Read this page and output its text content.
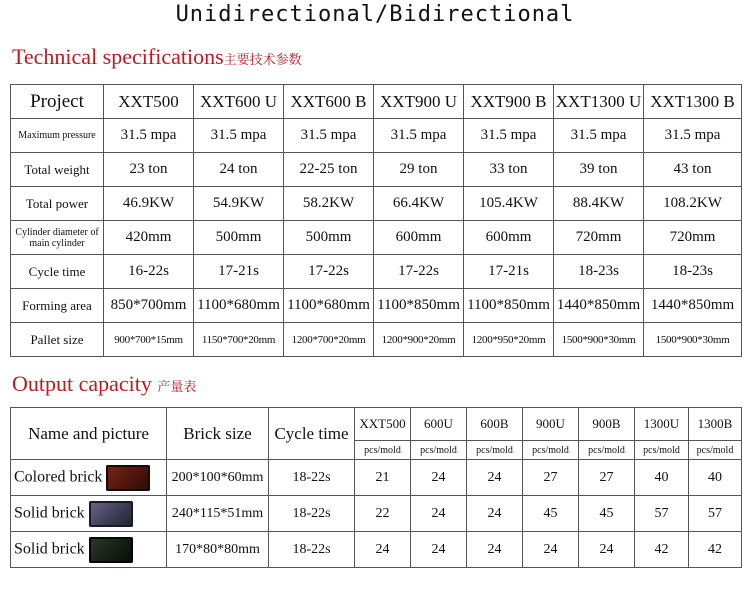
Unidirectional/Bidirectional
Technical specifications主要技术参数
Project	XXT500	XXT600 U	XXT600 B	XXT900 U	XXT900 B	XXT1300 U	XXT1300 B
Maximum pressure	31.5 mpa	31.5 mpa	31.5 mpa	31.5 mpa	31.5 mpa	31.5 mpa	31.5 mpa
Total weight	23 ton	24 ton	22-25 ton	29 ton	33 ton	39 ton	43 ton
Total power	46.9KW	54.9KW	58.2KW	66.4KW	105.4KW	88.4KW	108.2KW
Cylinder diameter of main cylinder	420mm	500mm	500mm	600mm	600mm	720mm	720mm
Cycle time	16-22s	17-21s	17-22s	17-22s	17-21s	18-23s	18-23s
Forming area	850*700mm	1100*680mm	1100*680mm	1100*850mm	1100*850mm	1440*850mm	1440*850mm
Pallet size	900*700*15mm	1150*700*20mm	1200*700*20mm	1200*900*20mm	1200*950*20mm	1500*900*30mm	1500*900*30mm
Output capacity 产量表
Name and picture	Brick size	Cycle time	XXT500	600U	600B	900U	900B	1300U	1300B
			pcs/mold	pcs/mold	pcs/mold	pcs/mold	pcs/mold	pcs/mold	pcs/mold
Colored brick	200*100*60mm	18-22s	21	24	24	27	27	40	40
Solid brick	240*115*51mm	18-22s	22	24	24	45	45	57	57
Solid brick	170*80*80mm	18-22s	24	24	24	24	24	42	42
